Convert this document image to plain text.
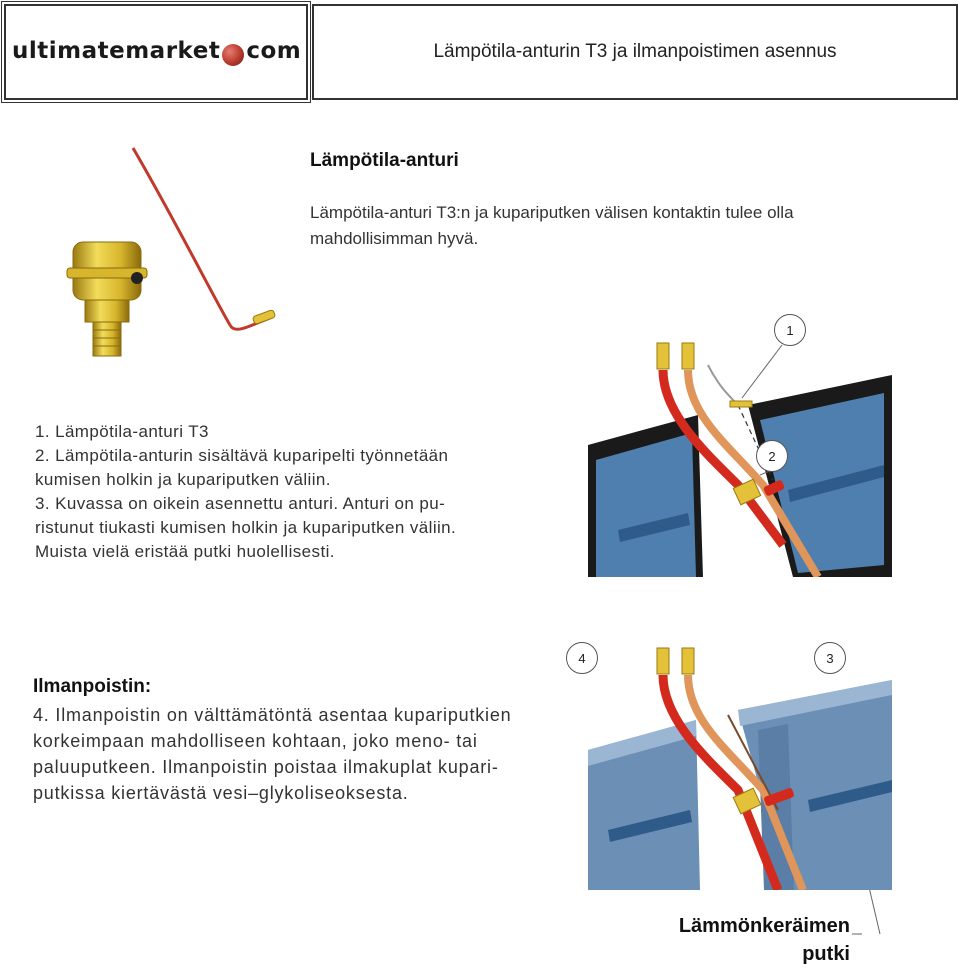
ultimatemarket com	Lämpötila-anturin T3 ja ilmanpoistimen asennus
Lämpötila-anturi
Lämpötila-anturi T3:n ja kupariputken välisen kontaktin tulee olla
mahdollisimman hyvä.
1. Lämpötila-anturi T3
2. Lämpötila-anturin sisältävä kuparipelti työnnetään
kumisen holkin ja kupariputken väliin.
3. Kuvassa on oikein asennettu anturi. Anturi on pu-
ristunut tiukasti kumisen holkin ja kupariputken väliin.
Muista vielä eristää putki huolellisesti.
1
2
Ilmanpoistin:
4. Ilmanpoistin on välttämätöntä asentaa kupariputkien
korkeimpaan mahdolliseen kohtaan, joko meno- tai
paluuputkeen. Ilmanpoistin poistaa ilmakuplat kupari-
putkissa kiertävästä vesi–glykoliseoksesta.
4	3
Lämmönkeräimen
putki
